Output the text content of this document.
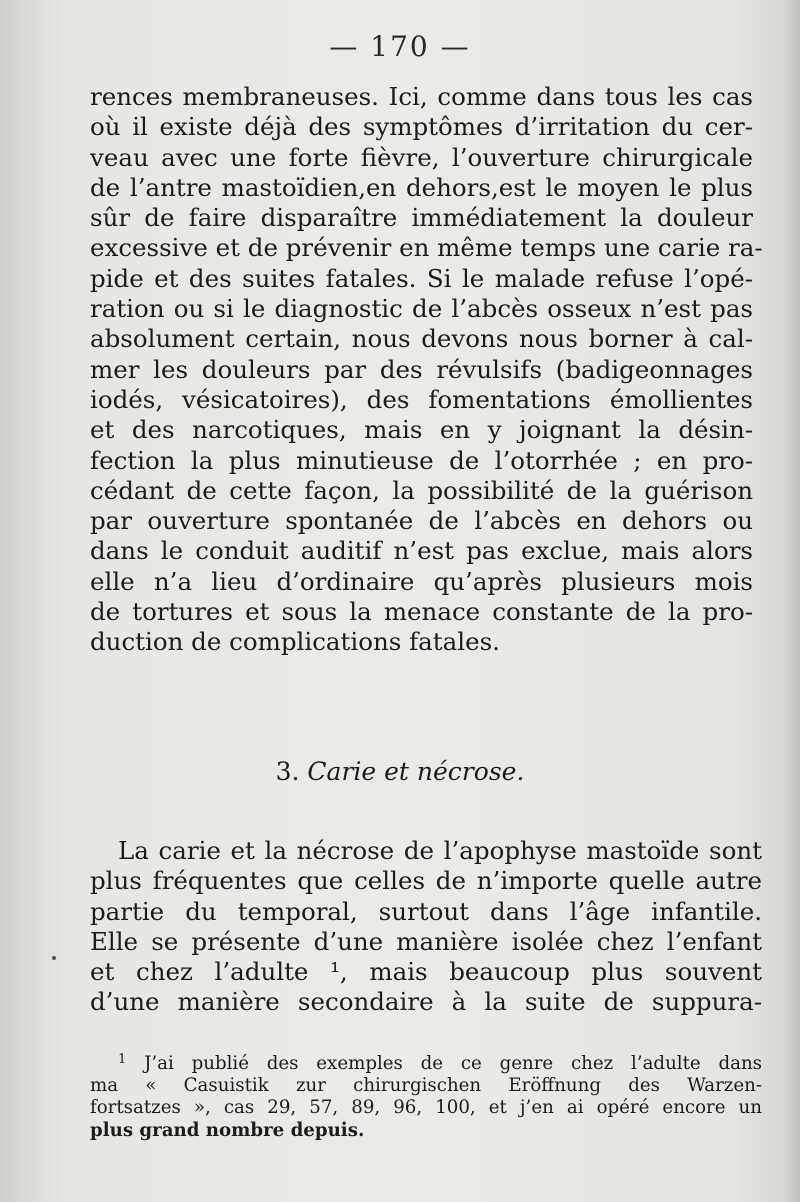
— 170 —
rences membraneuses. Ici, comme dans tous les cas
où il existe déjà des symptômes d’irritation du cer-
veau avec une forte fièvre, l’ouverture chirurgicale
de l’antre mastoïdien,en dehors,est le moyen le plus
sûr de faire disparaître immédiatement la douleur
excessive et de prévenir en même temps une carie ra-
pide et des suites fatales. Si le malade refuse l’opé-
ration ou si le diagnostic de l’abcès osseux n’est pas
absolument certain, nous devons nous borner à cal-
mer les douleurs par des révulsifs (badigeonnages
iodés, vésicatoires), des fomentations émollientes
et des narcotiques, mais en y joignant la désin-
fection la plus minutieuse de l’otorrhée ; en pro-
cédant de cette façon, la possibilité de la guérison
par ouverture spontanée de l’abcès en dehors ou
dans le conduit auditif n’est pas exclue, mais alors
elle n’a lieu d’ordinaire qu’après plusieurs mois
de tortures et sous la menace constante de la pro-
duction de complications fatales.
3. Carie et nécrose.
La carie et la nécrose de l’apophyse mastoïde sont
plus fréquentes que celles de n’importe quelle autre
partie du temporal, surtout dans l’âge infantile.
Elle se présente d’une manière isolée chez l’enfant
et chez l’adulte ¹, mais beaucoup plus souvent
d’une manière secondaire à la suite de suppura-
$^1$ J’ai publié des exemples de ce genre chez l’adulte dans
ma « Casuistik zur chirurgischen Eröffnung des Warzen-
fortsatzes », cas 29, 57, 89, 96, 100, et j’en ai opéré encore un
plus grand nombre depuis.
